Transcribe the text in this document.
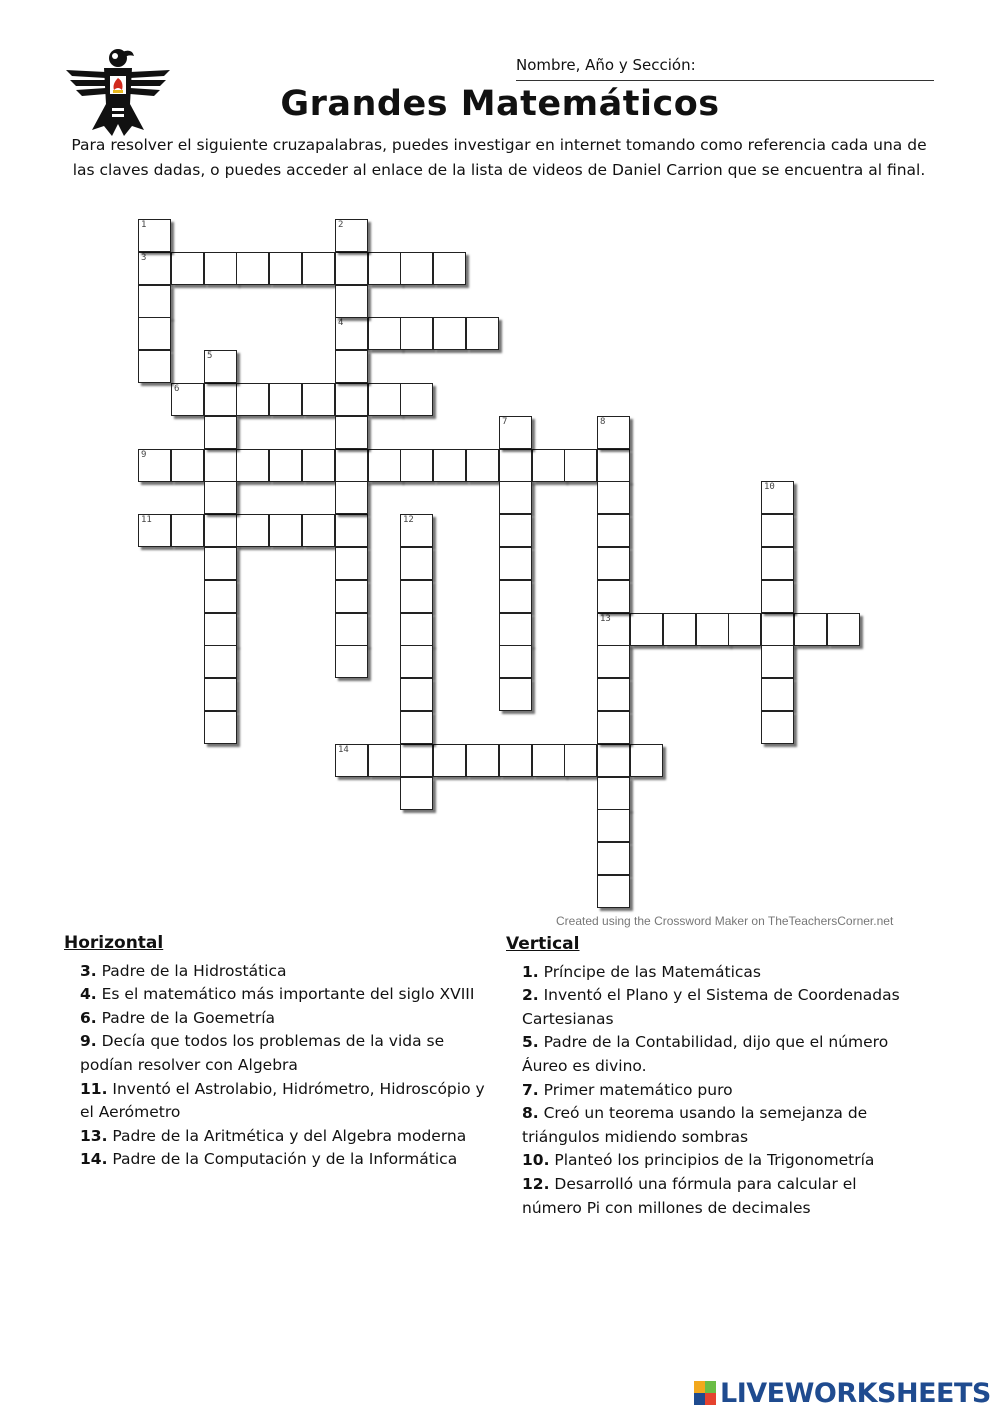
Nombre, Año y Sección:
Grandes Matemáticos
Para resolver el siguiente cruzapalabras, puedes investigar en internet tomando como referencia cada una de las claves dadas, o puedes acceder al enlace de la lista de videos de Daniel Carrion que se encuentra al final.
3
4
6
9
11
13
14
1	2
5
7	8
10
12
Created using the Crossword Maker on TheTeachersCorner.net
Horizontal

3. Padre de la Hidrostática

4. Es el matemático más importante del siglo XVIII

6. Padre de la Goemetría

9. Decía que todos los problemas de la vida se podían resolver con Algebra

11. Inventó el Astrolabio, Hidrómetro, Hidroscópio y el Aerómetro

13. Padre de la Aritmética y del Algebra moderna

14. Padre de la Computación y de la Informática

Vertical

1. Príncipe de las Matemáticas

2. Inventó el Plano y el Sistema de Coordenadas Cartesianas

5. Padre de la Contabilidad, dijo que el número Áureo es divino.

7. Primer matemático puro

8. Creó un teorema usando la semejanza de triángulos midiendo sombras

10. Planteó los principios de la Trigonometría

12. Desarrolló una fórmula para calcular el número Pi con millones de decimales

LIVEWORKSHEETS
